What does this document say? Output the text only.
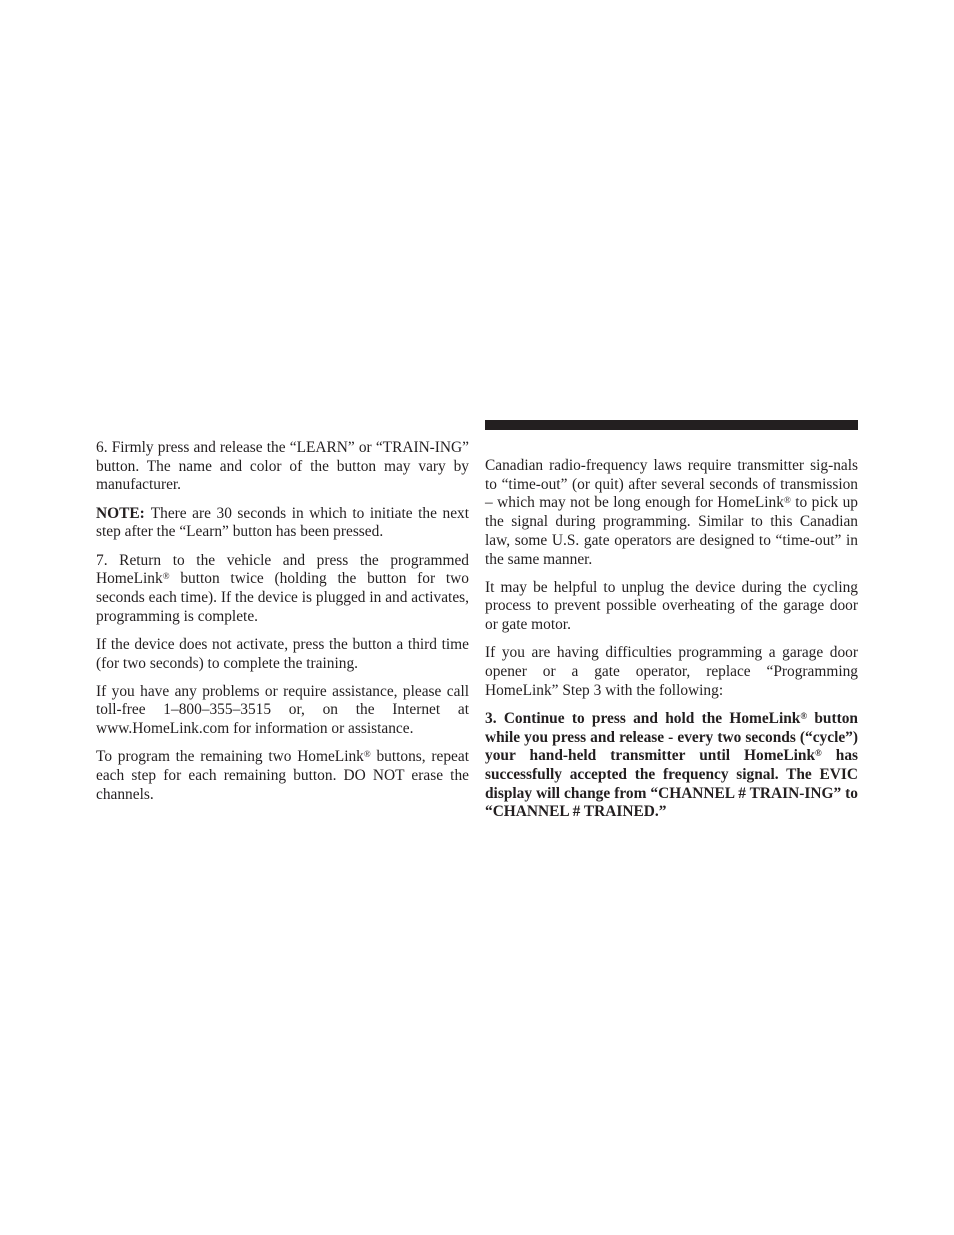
6. Firmly press and release the “LEARN” or “TRAIN-ING” button. The name and color of the button may vary by manufacturer.

NOTE: There are 30 seconds in which to initiate the next step after the “Learn” button has been pressed.

7. Return to the vehicle and press the programmed HomeLink® button twice (holding the button for two seconds each time). If the device is plugged in and activates, programming is complete.

If the device does not activate, press the button a third time (for two seconds) to complete the training.

If you have any problems or require assistance, please call toll-free 1–800–355–3515 or, on the Internet at www.HomeLink.com for information or assistance.

To program the remaining two HomeLink® buttons, repeat each step for each remaining button. DO NOT erase the channels.

Canadian radio-frequency laws require transmitter sig-nals to “time-out” (or quit) after several seconds of transmission – which may not be long enough for HomeLink® to pick up the signal during programming. Similar to this Canadian law, some U.S. gate operators are designed to “time-out” in the same manner.

It may be helpful to unplug the device during the cycling process to prevent possible overheating of the garage door or gate motor.

If you are having difficulties programming a garage door opener or a gate operator, replace “Programming HomeLink” Step 3 with the following:

3. Continue to press and hold the HomeLink® button while you press and release - every two seconds (“cycle”) your hand-held transmitter until HomeLink® has successfully accepted the frequency signal. The EVIC display will change from “CHANNEL # TRAIN-ING” to “CHANNEL # TRAINED.”
